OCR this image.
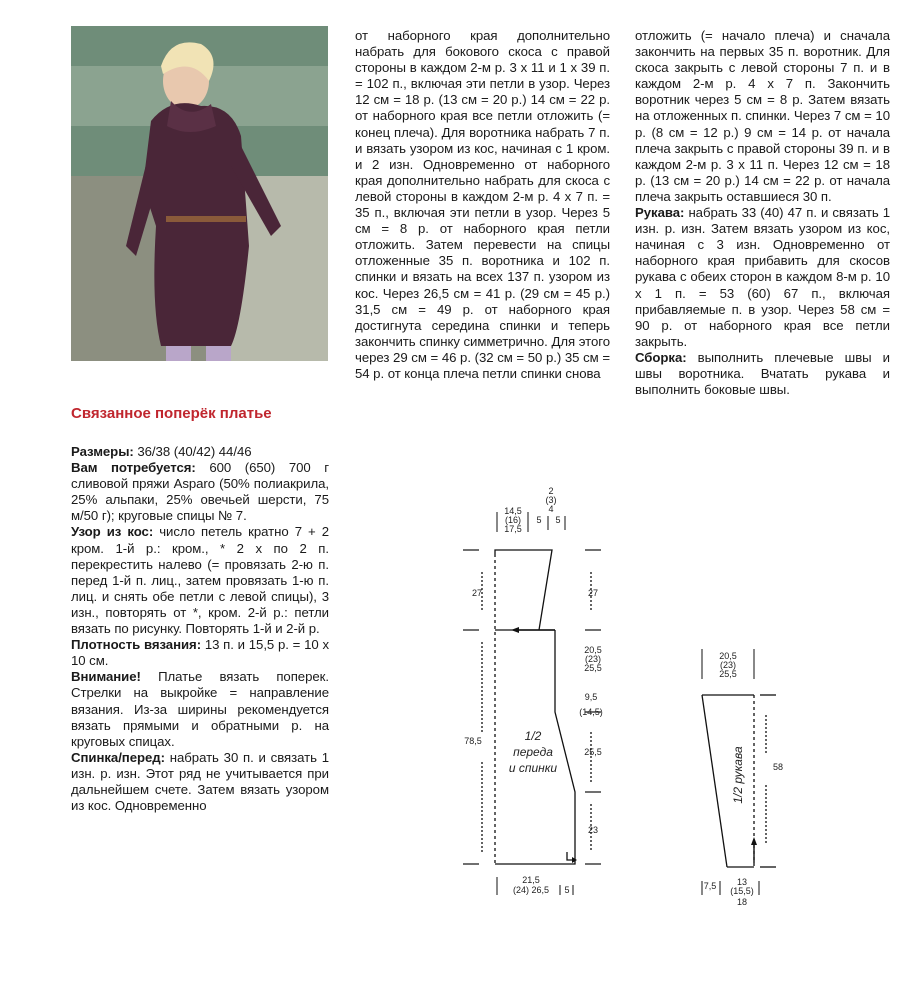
Связанное поперёк платье

Размеры: 36/38 (40/42) 44/46

Вам потребуется: 600 (650) 700 г сливовой пряжи Asparo (50% полиакрила, 25% альпаки, 25% овечьей шерсти, 75 м/50 г); круговые спицы № 7.

Узор из кос: число петель кратно 7 + 2 кром. 1-й р.: кром., * 2 х по 2 п. перекрестить налево (= провязать 2-ю п. перед 1-й п. лиц., затем провязать 1-ю п. лиц. и снять обе петли с левой спицы), 3 изн., повторять от *, кром. 2-й р.: петли вязать по рисунку. Повторять 1-й и 2-й р.

Плотность вязания: 13 п. и 15,5 р. = 10 х 10 см.

Внимание! Платье вязать поперек. Стрелки на выкройке = направление вязания. Из-за ширины рекомендуется вязать прямыми и обратными р. на круговых спицах.

Спинка/перед: набрать 30 п. и связать 1 изн. р. изн. Этот ряд не учитывается при дальнейшем счете. Затем вязать узором из кос. Одновременно

от наборного края дополнительно набрать для бокового скоса с правой стороны в каждом 2-м р. 3 х 11 и 1 х 39 п. = 102 п., включая эти петли в узор. Через 12 см = 18 р. (13 см = 20 р.) 14 см = 22 р. от наборного края все петли отложить (= конец плеча). Для воротника набрать 7 п. и вязать узором из кос, начиная с 1 кром. и 2 изн. Одновременно от наборного края дополнительно набрать для скоса с левой стороны в каждом 2-м р. 4 х 7 п. = 35 п., включая эти петли в узор. Через 5 см = 8 р. от наборного края петли отложить. Затем перевести на спицы отложенные 35 п. воротника и 102 п. спинки и вязать на всех 137 п. узором из кос. Через 26,5 см = 41 р. (29 см = 45 р.) 31,5 см = 49 р. от наборного края достигнута середина спинки и теперь закончить спинку симметрично. Для этого через 29 см = 46 р. (32 см = 50 р.) 35 см = 54 р. от конца плеча петли спинки снова

отложить (= начало плеча) и сначала закончить на первых 35 п. воротник. Для скоса закрыть с левой стороны 7 п. и в каждом 2-м р. 4 х 7 п. Закончить воротник через 5 см = 8 р. Затем вязать на отложенных п. спинки. Через 7 см = 10 р. (8 см = 12 р.) 9 см = 14 р. от начала плеча закрыть с правой стороны 39 п. и в каждом 2-м р. 3 х 11 п. Через 12 см = 18 р. (13 см = 20 р.) 14 см = 22 р. от начала плеча закрыть оставшиеся 30 п.

Рукава: набрать 33 (40) 47 п. и связать 1 изн. р. изн. Затем вязать узором из кос, начиная с 3 изн. Одновременно от наборного края прибавить для скосов рукава с обеих сторон в каждом 8-м р. 10 х 1 п. = 53 (60) 67 п., включая прибавляемые п. в узор. Через 58 см = 90 р. от наборного края все петли закрыть.

Сборка: выполнить плечевые швы и швы воротника. Вчатать рукава и выполнить боковые швы.

14,5
(16)
17,5
5 5
2
(3)
4
27	27
78,5
20,5
(23)
25,5
9,5
(14,5)
25,5
23
21,5
(24) 26,5 5
1/2
переда
и спинки
20,5
(23)
25,5
58
7,5 13
(15,5)
18
1/2 рукава
